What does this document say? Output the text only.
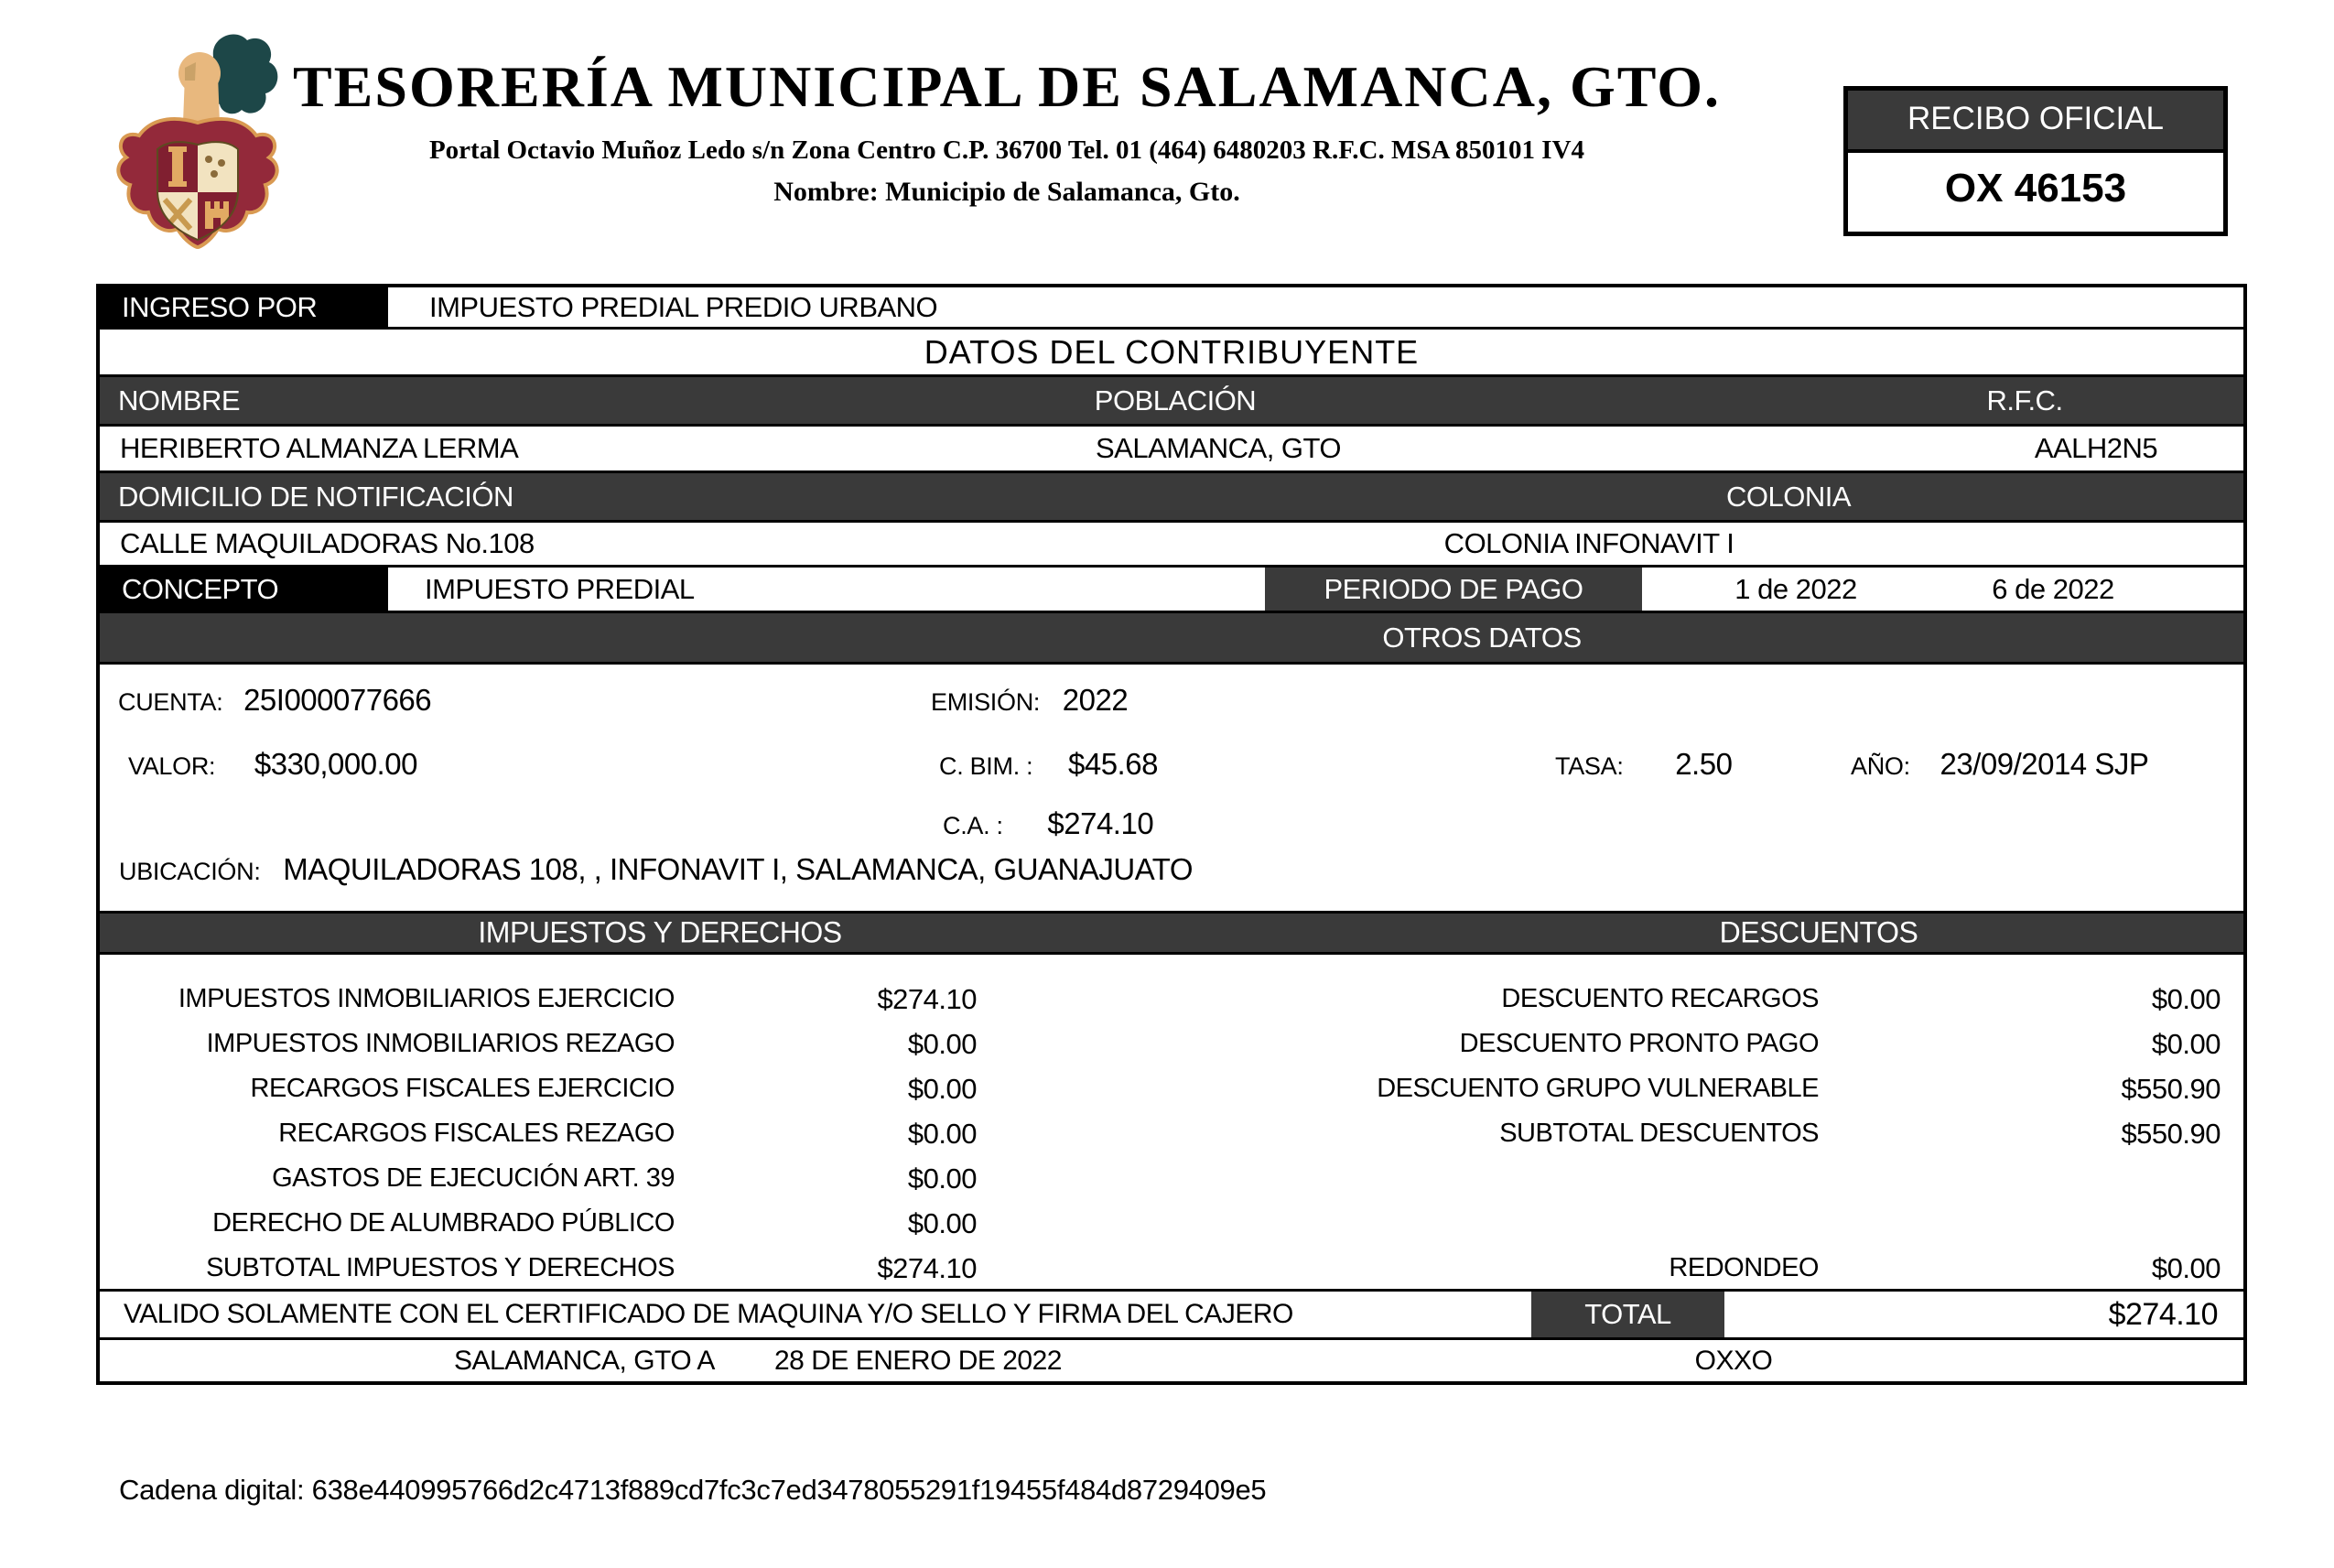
TESORERÍA MUNICIPAL DE SALAMANCA, GTO.
Portal Octavio Muñoz Ledo s/n Zona Centro C.P. 36700 Tel. 01 (464) 6480203 R.F.C. MSA 850101 IV4
Nombre: Municipio de Salamanca, Gto.
RECIBO OFICIAL
OX 46153
INGRESO POR	IMPUESTO PREDIAL PREDIO URBANO
DATOS DEL CONTRIBUYENTE
NOMBRE	POBLACIÓN	R.F.C.
HERIBERTO ALMANZA LERMA	SALAMANCA, GTO	AALH2N5
DOMICILIO DE NOTIFICACIÓN	COLONIA
CALLE MAQUILADORAS No.108	COLONIA INFONAVIT I
CONCEPTO	IMPUESTO PREDIAL	PERIODO DE PAGO	1 de 2022	6 de 2022
OTROS DATOS
CUENTA: 25I000077666	EMISIÓN: 2022
VALOR: $330,000.00	C. BIM. : $45.68	TASA: 2.50	AÑO: 23/09/2014 SJP
C.A. : $274.10
UBICACIÓN: MAQUILADORAS 108, , INFONAVIT I, SALAMANCA, GUANAJUATO
IMPUESTOS Y DERECHOS	DESCUENTOS
IMPUESTOS INMOBILIARIOS EJERCICIO	$274.10	DESCUENTO RECARGOS	$0.00
IMPUESTOS INMOBILIARIOS REZAGO	$0.00	DESCUENTO PRONTO PAGO	$0.00
RECARGOS FISCALES EJERCICIO	$0.00	DESCUENTO GRUPO VULNERABLE	$550.90
RECARGOS FISCALES REZAGO	$0.00	SUBTOTAL DESCUENTOS	$550.90
GASTOS DE EJECUCIÓN ART. 39	$0.00
DERECHO DE ALUMBRADO PÚBLICO	$0.00
SUBTOTAL IMPUESTOS Y DERECHOS	$274.10	REDONDEO	$0.00
VALIDO SOLAMENTE CON EL CERTIFICADO DE MAQUINA Y/O SELLO Y FIRMA DEL CAJERO	TOTAL	$274.10
SALAMANCA, GTO A 28 DE ENERO DE 2022	OXXO
Cadena digital: 638e440995766d2c4713f889cd7fc3c7ed3478055291f19455f484d8729409e5
